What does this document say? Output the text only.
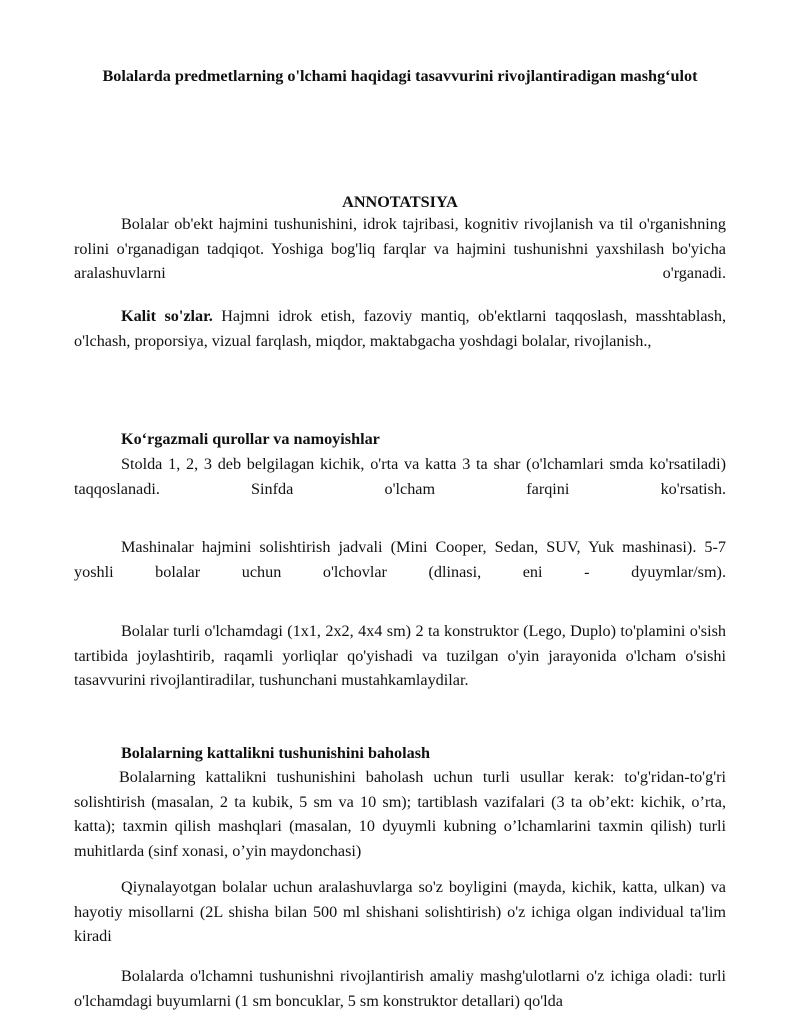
Bolalarda predmetlarning o'lchami haqidagi tasavvurini rivojlantiradigan mashg‘ulot
ANNOTATSIYA

Bolalar ob'ekt hajmini tushunishini, idrok tajribasi, kognitiv rivojlanish va til o'rganishning rolini o'rganadigan tadqiqot. Yoshiga bog'liq farqlar va hajmini tushunishni yaxshilash bo'yicha aralashuvlarni o'rganadi.

Kalit so'zlar. Hajmni idrok etish, fazoviy mantiq, ob'ektlarni taqqoslash, masshtablash, o'lchash, proporsiya, vizual farqlash, miqdor, maktabgacha yoshdagi bolalar, rivojlanish.,

Ko‘rgazmali qurollar va namoyishlar

Stolda 1, 2, 3 deb belgilagan kichik, o'rta va katta 3 ta shar (o'lchamlari smda ko'rsatiladi) taqqoslanadi. Sinfda o'lcham farqini ko'rsatish.

Mashinalar hajmini solishtirish jadvali (Mini Cooper, Sedan, SUV, Yuk mashinasi). 5-7 yoshli bolalar uchun o'lchovlar (dlinasi, eni - dyuymlar/sm).

Bolalar turli o'lchamdagi (1x1, 2x2, 4x4 sm) 2 ta konstruktor (Lego, Duplo) to'plamini o'sish tartibida joylashtirib, raqamli yorliqlar qo'yishadi va tuzilgan o'yin jarayonida o'lcham o'sishi tasavvurini rivojlantiradilar, tushunchani mustahkamlaydilar.

Bolalarning kattalikni tushunishini baholash

Bolalarning kattalikni tushunishini baholash uchun turli usullar kerak: to'g'ridan-to'g'ri solishtirish (masalan, 2 ta kubik, 5 sm va 10 sm); tartiblash vazifalari (3 ta ob’ekt: kichik, o’rta, katta); taxmin qilish mashqlari (masalan, 10 dyuymli kubning o’lchamlarini taxmin qilish) turli muhitlarda (sinf xonasi, o’yin maydonchasi)

Qiynalayotgan bolalar uchun aralashuvlarga so'z boyligini (mayda, kichik, katta, ulkan) va hayotiy misollarni (2L shisha bilan 500 ml shishani solishtirish) o'z ichiga olgan individual ta'lim kiradi

Bolalarda o'lchamni tushunishni rivojlantirish amaliy mashg'ulotlarni o'z ichiga oladi: turli o'lchamdagi buyumlarni (1 sm boncuklar, 5 sm konstruktor detallari) qo'lda
